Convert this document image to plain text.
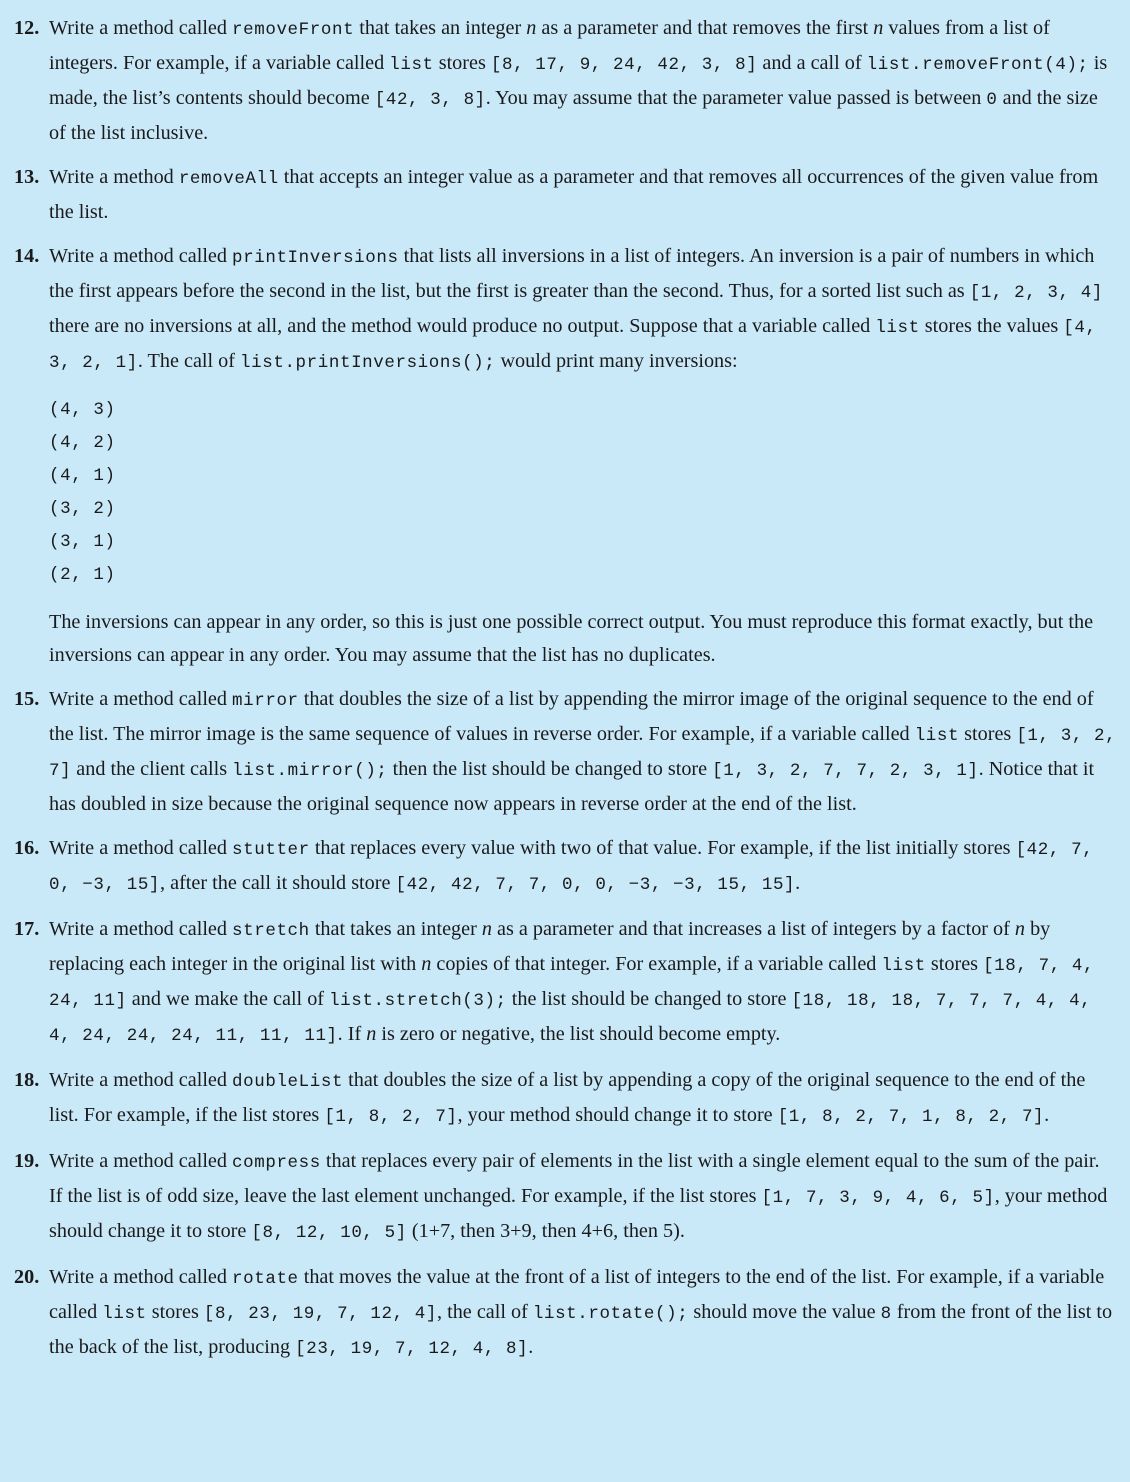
12. Write a method called removeFront that takes an integer n as a parameter and that removes the first n values from a list of integers. For example, if a variable called list stores [8, 17, 9, 24, 42, 3, 8] and a call of list.removeFront(4); is made, the list’s contents should become [42, 3, 8]. You may assume that the parameter value passed is between 0 and the size of the list inclusive.
13. Write a method removeAll that accepts an integer value as a parameter and that removes all occurrences of the given value from the list.
14. Write a method called printInversions that lists all inversions in a list of integers. An inversion is a pair of numbers in which the first appears before the second in the list, but the first is greater than the second. Thus, for a sorted list such as [1, 2, 3, 4] there are no inversions at all, and the method would produce no output. Suppose that a variable called list stores the values [4, 3, 2, 1]. The call of list.printInversions(); would print many inversions:
(4, 3)
(4, 2)
(4, 1)
(3, 2)
(3, 1)
(2, 1)
The inversions can appear in any order, so this is just one possible correct output. You must reproduce this format exactly, but the inversions can appear in any order. You may assume that the list has no duplicates.
15. Write a method called mirror that doubles the size of a list by appending the mirror image of the original sequence to the end of the list. The mirror image is the same sequence of values in reverse order. For example, if a variable called list stores [1, 3, 2, 7] and the client calls list.mirror(); then the list should be changed to store [1, 3, 2, 7, 7, 2, 3, 1]. Notice that it has doubled in size because the original sequence now appears in reverse order at the end of the list.
16. Write a method called stutter that replaces every value with two of that value. For example, if the list initially stores [42, 7, 0, −3, 15], after the call it should store [42, 42, 7, 7, 0, 0, −3, −3, 15, 15].
17. Write a method called stretch that takes an integer n as a parameter and that increases a list of integers by a factor of n by replacing each integer in the original list with n copies of that integer. For example, if a variable called list stores [18, 7, 4, 24, 11] and we make the call of list.stretch(3); the list should be changed to store [18, 18, 18, 7, 7, 7, 4, 4, 4, 24, 24, 24, 11, 11, 11]. If n is zero or negative, the list should become empty.
18. Write a method called doubleList that doubles the size of a list by appending a copy of the original sequence to the end of the list. For example, if the list stores [1, 8, 2, 7], your method should change it to store [1, 8, 2, 7, 1, 8, 2, 7].
19. Write a method called compress that replaces every pair of elements in the list with a single element equal to the sum of the pair. If the list is of odd size, leave the last element unchanged. For example, if the list stores [1, 7, 3, 9, 4, 6, 5], your method should change it to store [8, 12, 10, 5] (1+7, then 3+9, then 4+6, then 5).
20. Write a method called rotate that moves the value at the front of a list of integers to the end of the list. For example, if a variable called list stores [8, 23, 19, 7, 12, 4], the call of list.rotate(); should move the value 8 from the front of the list to the back of the list, producing [23, 19, 7, 12, 4, 8].
